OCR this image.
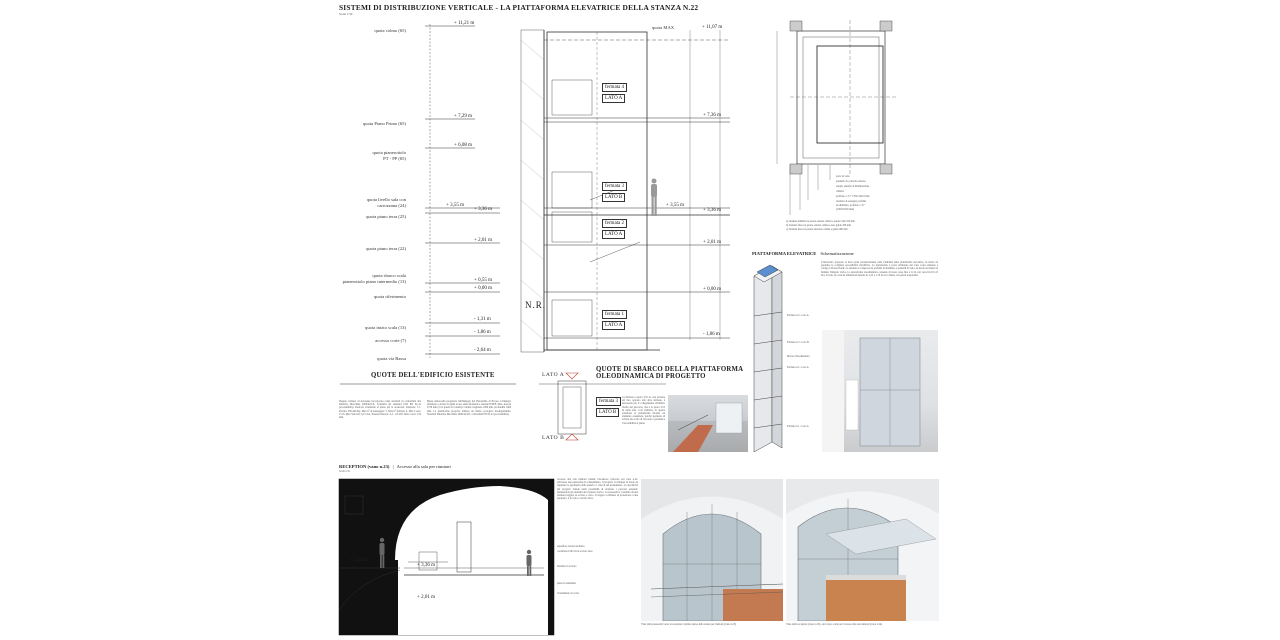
SISTEMI DI DISTRIBUZIONE VERTICALE - LA PIATTAFORMA ELEVATRICE DELLA STANZA N.22
Scala 1:50
quota colmo (65)
+ 11,21 m
quota Piano Primo (65)
+ 7,29 m
quota pianerottolo
PT - PP (65)
+ 6,08 m
quota livello sala con
carrozzana (24)	+ 3,55 m
quota piano terra (25)
+ 3,36 m
quota piano terra (22)
+ 2,01 m
quota sbarco scala
pianerottolo piano intermedio (13)	+ 0,55 m
quota riferimento
+ 0,00 m
quota inizio scala (13)
- 1,31 m
accesso corte (7)
- 1,86 m
quota via Bassa
- 2,64 m
QUOTE DELL'EDIFICIO ESISTENTE
quota MAX	+ 11,07 m
+ 7,36 m
+ 3,55 m
+ 3,36 m
+ 2,01 m
+ 0,00 m
- 1,86 m
fermata 4
LATO A
fermata 3
LATO B
fermata 2
LATO A
fermata 1
LATO A
N.R.
Doppia cerniera di sicurezza incorporata come standard in conformità alla Direttiva Macchine 2006/42/CE. Sostituita gli standard UNI EN 81-41 (accessibilità). Reticolo strutturale al piano per la sicurezza. Tensione: 3 f. Portata: 500-400 Kg. Max n° di passeggeri: 5. Max n° fermate: 4. Max Corsa: 15 m. Max Velocità: 0,15 m/s. Potenza Motore: 2,2 - 2,6 kW. Max Corsa: 150 mm.
Bassa rumorosità progettata dall'impiego del Pistone/Re di Ercoes. L'impiego effettuato e dotato di guide al suo elettrodomestico standard ESPE. Max. Ascesa 2750 mm (2 tra pareti di colonna). Cabina: larghezza 1000 mm, profondità 1400 mm. La piattaforma proposta utilizza un fluido ecologico biodegradabile. Standard Direttiva Macchine 2006/42/CE, conformità EN 81-41 (accessibilità).
LATO A
LATO B
QUOTE DI SBARCO DELLA PIATTAFORMA
OLEODINAMICA DI PROGETTO
fermata 3
LATO B
La fermata a quota 3,55 m, che avviene sul lato opposto alle altre fermate, è necessaria per il collegamento all'ultimo livello del percorso, che è la quota 3,55 m della sala. Con l'utilizzo di questa soluzione la piattaforma diventa un elemento essenziale, poiché permette di evitare una scala di raccordo e garantisce l'accessibilità al piano.
porta in vetro
pannello di controllo esterno
doppio sistema di illuminazione
cilindro
profilato a "U" 170x110x10 mm
struttura di sostegno profilati
in alluminio, profilato a "U"
(100x70x20 mm)
a) distanza minima tra parete esterna cabina e parete: min 250 mm
b) distanza fissa tra parete esterna cabina e asse guida 180 mm
c) distanza fissa tra parete anteriore cabina e guida 490 mm
PIATTAFORMA ELEVATRICE Schematizzazione
Fermata n.4 - Lato A
Fermata n.3 - Lato B
Motore Oleodinamico
Fermata n.2 - Lato A
Fermata n.1 - Lato A
L'intervento proposto si basa quasi esclusivamente sulla fattibilità della piattaforma elevatrice, in modo da garantire la completa accessibilità all'edificio. La piattaforma è posta all'interno del vano scala esistente e collega i diversi livelli. La struttura è composta da profilati in alluminio e pannelli di vetro, in modo da ridurre al minimo l'impatto visivo. La piattaforma oleodinamica consente di avere corse fino a 12 m con velocità di 0,15 m/s. Il vano di corsa ha dimensioni interne di 1,25 x 1,70 m ed è chiuso con pareti trasparenti.
RECEPTION (vano n.23) | Accesso alla sala per riunioni
Scala 1:50
+ 3,55 m
+ 3,36 m
+ 2,01 m
Accesso alla sala riunioni tramite l'ascensore collocato nel vano n.22, attraverso una passerella di collegamento. Il progetto si sviluppa in modo da rispettare la geometria della stanza e i vincoli del monumento. La specificità del progetto risiede nella possibilità di sfruttare i percorsi esistenti, mantenendo gli elementi del contesto storico. La passerella è costituita da una struttura leggera in acciaio e vetro. Il doppio corrimano di protezione, come parapetto, è in vetro e acciaio inox.
superficie vetrata inclinata
corrimano h 90 cm in acciaio inox
miradito in acciaio
piano in alluminio
rivestimento in corno
Vista dalla passerella verso la reception al primo piano della stanza per riunioni (vano n.23)	Vista della reception (vano n.23) e del corpo scala per l'accesso alla sala riunioni (vano n.24)
